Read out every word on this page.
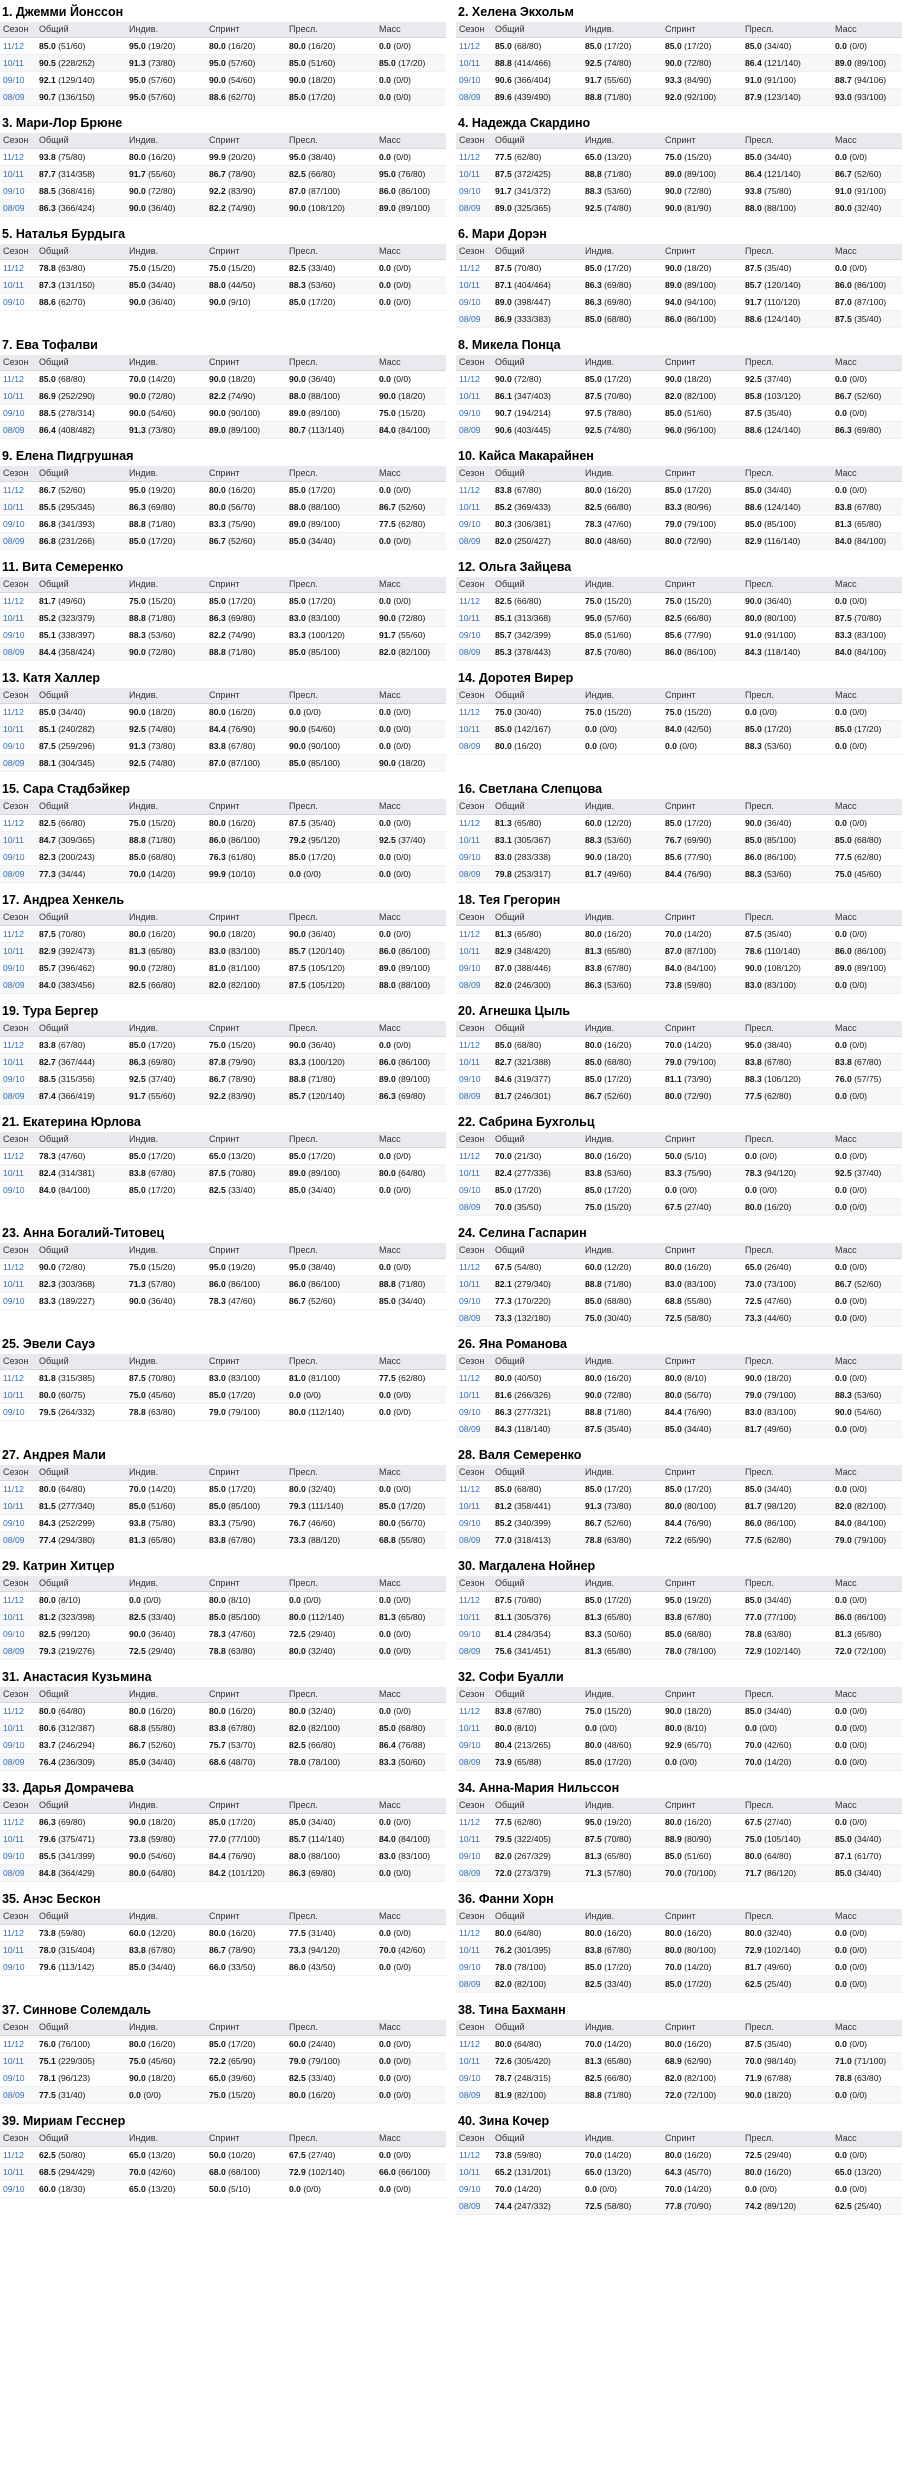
1. Джемми Йонссон
Сезон	Общий	Индив.	Спринт	Пресл.	Масс
11/12	85.0 (51/60)	95.0 (19/20)	80.0 (16/20)	80.0 (16/20)	0.0 (0/0)
10/11	90.5 (228/252)	91.3 (73/80)	95.0 (57/60)	85.0 (51/60)	85.0 (17/20)
09/10	92.1 (129/140)	95.0 (57/60)	90.0 (54/60)	90.0 (18/20)	0.0 (0/0)
08/09	90.7 (136/150)	95.0 (57/60)	88.6 (62/70)	85.0 (17/20)	0.0 (0/0)
2. Хелена Экхольм
Сезон	Общий	Индив.	Спринт	Пресл.	Масс
11/12	85.0 (68/80)	85.0 (17/20)	85.0 (17/20)	85.0 (34/40)	0.0 (0/0)
10/11	88.8 (414/466)	92.5 (74/80)	90.0 (72/80)	86.4 (121/140)	89.0 (89/100)
09/10	90.6 (366/404)	91.7 (55/60)	93.3 (84/90)	91.0 (91/100)	88.7 (94/106)
08/09	89.6 (439/490)	88.8 (71/80)	92.0 (92/100)	87.9 (123/140)	93.0 (93/100)
3. Мари-Лор Брюне
Сезон	Общий	Индив.	Спринт	Пресл.	Масс
11/12	93.8 (75/80)	80.0 (16/20)	99.9 (20/20)	95.0 (38/40)	0.0 (0/0)
10/11	87.7 (314/358)	91.7 (55/60)	86.7 (78/90)	82.5 (66/80)	95.0 (76/80)
09/10	88.5 (368/416)	90.0 (72/80)	92.2 (83/90)	87.0 (87/100)	86.0 (86/100)
08/09	86.3 (366/424)	90.0 (36/40)	82.2 (74/90)	90.0 (108/120)	89.0 (89/100)
4. Надежда Скардино
Сезон	Общий	Индив.	Спринт	Пресл.	Масс
11/12	77.5 (62/80)	65.0 (13/20)	75.0 (15/20)	85.0 (34/40)	0.0 (0/0)
10/11	87.5 (372/425)	88.8 (71/80)	89.0 (89/100)	86.4 (121/140)	86.7 (52/60)
09/10	91.7 (341/372)	88.3 (53/60)	90.0 (72/80)	93.8 (75/80)	91.0 (91/100)
08/09	89.0 (325/365)	92.5 (74/80)	90.0 (81/90)	88.0 (88/100)	80.0 (32/40)
5. Наталья Бурдыга
Сезон	Общий	Индив.	Спринт	Пресл.	Масс
11/12	78.8 (63/80)	75.0 (15/20)	75.0 (15/20)	82.5 (33/40)	0.0 (0/0)
10/11	87.3 (131/150)	85.0 (34/40)	88.0 (44/50)	88.3 (53/60)	0.0 (0/0)
09/10	88.6 (62/70)	90.0 (36/40)	90.0 (9/10)	85.0 (17/20)	0.0 (0/0)
6. Мари Дорэн
Сезон	Общий	Индив.	Спринт	Пресл.	Масс
11/12	87.5 (70/80)	85.0 (17/20)	90.0 (18/20)	87.5 (35/40)	0.0 (0/0)
10/11	87.1 (404/464)	86.3 (69/80)	89.0 (89/100)	85.7 (120/140)	86.0 (86/100)
09/10	89.0 (398/447)	86.3 (69/80)	94.0 (94/100)	91.7 (110/120)	87.0 (87/100)
08/09	86.9 (333/383)	85.0 (68/80)	86.0 (86/100)	88.6 (124/140)	87.5 (35/40)
7. Ева Тофалви
Сезон	Общий	Индив.	Спринт	Пресл.	Масс
11/12	85.0 (68/80)	70.0 (14/20)	90.0 (18/20)	90.0 (36/40)	0.0 (0/0)
10/11	86.9 (252/290)	90.0 (72/80)	82.2 (74/90)	88.0 (88/100)	90.0 (18/20)
09/10	88.5 (278/314)	90.0 (54/60)	90.0 (90/100)	89.0 (89/100)	75.0 (15/20)
08/09	86.4 (408/482)	91.3 (73/80)	89.0 (89/100)	80.7 (113/140)	84.0 (84/100)
8. Микела Понца
Сезон	Общий	Индив.	Спринт	Пресл.	Масс
11/12	90.0 (72/80)	85.0 (17/20)	90.0 (18/20)	92.5 (37/40)	0.0 (0/0)
10/11	86.1 (347/403)	87.5 (70/80)	82.0 (82/100)	85.8 (103/120)	86.7 (52/60)
09/10	90.7 (194/214)	97.5 (78/80)	85.0 (51/60)	87.5 (35/40)	0.0 (0/0)
08/09	90.6 (403/445)	92.5 (74/80)	96.0 (96/100)	88.6 (124/140)	86.3 (69/80)
9. Елена Пидгрушная
Сезон	Общий	Индив.	Спринт	Пресл.	Масс
11/12	86.7 (52/60)	95.0 (19/20)	80.0 (16/20)	85.0 (17/20)	0.0 (0/0)
10/11	85.5 (295/345)	86.3 (69/80)	80.0 (56/70)	88.0 (88/100)	86.7 (52/60)
09/10	86.8 (341/393)	88.8 (71/80)	83.3 (75/90)	89.0 (89/100)	77.5 (62/80)
08/09	86.8 (231/266)	85.0 (17/20)	86.7 (52/60)	85.0 (34/40)	0.0 (0/0)
10. Кайса Макарайнен
Сезон	Общий	Индив.	Спринт	Пресл.	Масс
11/12	83.8 (67/80)	80.0 (16/20)	85.0 (17/20)	85.0 (34/40)	0.0 (0/0)
10/11	85.2 (369/433)	82.5 (66/80)	83.3 (80/96)	88.6 (124/140)	83.8 (67/80)
09/10	80.3 (306/381)	78.3 (47/60)	79.0 (79/100)	85.0 (85/100)	81.3 (65/80)
08/09	82.0 (250/427)	80.0 (48/60)	80.0 (72/90)	82.9 (116/140)	84.0 (84/100)
11. Вита Семеренко
Сезон	Общий	Индив.	Спринт	Пресл.	Масс
11/12	81.7 (49/60)	75.0 (15/20)	85.0 (17/20)	85.0 (17/20)	0.0 (0/0)
10/11	85.2 (323/379)	88.8 (71/80)	86.3 (69/80)	83.0 (83/100)	90.0 (72/80)
09/10	85.1 (338/397)	88.3 (53/60)	82.2 (74/90)	83.3 (100/120)	91.7 (55/60)
08/09	84.4 (358/424)	90.0 (72/80)	88.8 (71/80)	85.0 (85/100)	82.0 (82/100)
12. Ольга Зайцева
Сезон	Общий	Индив.	Спринт	Пресл.	Масс
11/12	82.5 (66/80)	75.0 (15/20)	75.0 (15/20)	90.0 (36/40)	0.0 (0/0)
10/11	85.1 (313/368)	95.0 (57/60)	82.5 (66/80)	80.0 (80/100)	87.5 (70/80)
09/10	85.7 (342/399)	85.0 (51/60)	85.6 (77/90)	91.0 (91/100)	83.3 (83/100)
08/09	85.3 (378/443)	87.5 (70/80)	86.0 (86/100)	84.3 (118/140)	84.0 (84/100)
13. Катя Халлер
Сезон	Общий	Индив.	Спринт	Пресл.	Масс
11/12	85.0 (34/40)	90.0 (18/20)	80.0 (16/20)	0.0 (0/0)	0.0 (0/0)
10/11	85.1 (240/282)	92.5 (74/80)	84.4 (76/90)	90.0 (54/60)	0.0 (0/0)
09/10	87.5 (259/296)	91.3 (73/80)	83.8 (67/80)	90.0 (90/100)	0.0 (0/0)
08/09	88.1 (304/345)	92.5 (74/80)	87.0 (87/100)	85.0 (85/100)	90.0 (18/20)
14. Доротея Вирер
Сезон	Общий	Индив.	Спринт	Пресл.	Масс
11/12	75.0 (30/40)	75.0 (15/20)	75.0 (15/20)	0.0 (0/0)	0.0 (0/0)
10/11	85.0 (142/167)	0.0 (0/0)	84.0 (42/50)	85.0 (17/20)	85.0 (17/20)
08/09	80.0 (16/20)	0.0 (0/0)	0.0 (0/0)	88.3 (53/60)	0.0 (0/0)
15. Сара Стадбэйкер
Сезон	Общий	Индив.	Спринт	Пресл.	Масс
11/12	82.5 (66/80)	75.0 (15/20)	80.0 (16/20)	87.5 (35/40)	0.0 (0/0)
10/11	84.7 (309/365)	88.8 (71/80)	86.0 (86/100)	79.2 (95/120)	92.5 (37/40)
09/10	82.3 (200/243)	85.0 (68/80)	76.3 (61/80)	85.0 (17/20)	0.0 (0/0)
08/09	77.3 (34/44)	70.0 (14/20)	99.9 (10/10)	0.0 (0/0)	0.0 (0/0)
16. Светлана Слепцова
Сезон	Общий	Индив.	Спринт	Пресл.	Масс
11/12	81.3 (65/80)	60.0 (12/20)	85.0 (17/20)	90.0 (36/40)	0.0 (0/0)
10/11	83.1 (305/367)	88.3 (53/60)	76.7 (69/90)	85.0 (85/100)	85.0 (68/80)
09/10	83.0 (283/338)	90.0 (18/20)	85.6 (77/90)	86.0 (86/100)	77.5 (62/80)
08/09	79.8 (253/317)	81.7 (49/60)	84.4 (76/90)	88.3 (53/60)	75.0 (45/60)
17. Андреа Хенкель
Сезон	Общий	Индив.	Спринт	Пресл.	Масс
11/12	87.5 (70/80)	80.0 (16/20)	90.0 (18/20)	90.0 (36/40)	0.0 (0/0)
10/11	82.9 (392/473)	81.3 (65/80)	83.0 (83/100)	85.7 (120/140)	86.0 (86/100)
09/10	85.7 (396/462)	90.0 (72/80)	81.0 (81/100)	87.5 (105/120)	89.0 (89/100)
08/09	84.0 (383/456)	82.5 (66/80)	82.0 (82/100)	87.5 (105/120)	88.0 (88/100)
18. Тея Грегорин
Сезон	Общий	Индив.	Спринт	Пресл.	Масс
11/12	81.3 (65/80)	80.0 (16/20)	70.0 (14/20)	87.5 (35/40)	0.0 (0/0)
10/11	82.9 (348/420)	81.3 (65/80)	87.0 (87/100)	78.6 (110/140)	86.0 (86/100)
09/10	87.0 (388/446)	83.8 (67/80)	84.0 (84/100)	90.0 (108/120)	89.0 (89/100)
08/09	82.0 (246/300)	86.3 (53/60)	73.8 (59/80)	83.0 (83/100)	0.0 (0/0)
19. Тура Бергер
Сезон	Общий	Индив.	Спринт	Пресл.	Масс
11/12	83.8 (67/80)	85.0 (17/20)	75.0 (15/20)	90.0 (36/40)	0.0 (0/0)
10/11	82.7 (367/444)	86.3 (69/80)	87.8 (79/90)	83.3 (100/120)	86.0 (86/100)
09/10	88.5 (315/356)	92.5 (37/40)	86.7 (78/90)	88.8 (71/80)	89.0 (89/100)
08/09	87.4 (366/419)	91.7 (55/60)	92.2 (83/90)	85.7 (120/140)	86.3 (69/80)
20. Агнешка Цыль
Сезон	Общий	Индив.	Спринт	Пресл.	Масс
11/12	85.0 (68/80)	80.0 (16/20)	70.0 (14/20)	95.0 (38/40)	0.0 (0/0)
10/11	82.7 (321/388)	85.0 (68/80)	79.0 (79/100)	83.8 (67/80)	83.8 (67/80)
09/10	84.6 (319/377)	85.0 (17/20)	81.1 (73/90)	88.3 (106/120)	76.0 (57/75)
08/09	81.7 (246/301)	86.7 (52/60)	80.0 (72/90)	77.5 (62/80)	0.0 (0/0)
21. Екатерина Юрлова
Сезон	Общий	Индив.	Спринт	Пресл.	Масс
11/12	78.3 (47/60)	85.0 (17/20)	65.0 (13/20)	85.0 (17/20)	0.0 (0/0)
10/11	82.4 (314/381)	83.8 (67/80)	87.5 (70/80)	89.0 (89/100)	80.0 (64/80)
09/10	84.0 (84/100)	85.0 (17/20)	82.5 (33/40)	85.0 (34/40)	0.0 (0/0)
22. Сабрина Бухгольц
Сезон	Общий	Индив.	Спринт	Пресл.	Масс
11/12	70.0 (21/30)	80.0 (16/20)	50.0 (5/10)	0.0 (0/0)	0.0 (0/0)
10/11	82.4 (277/336)	83.8 (53/60)	83.3 (75/90)	78.3 (94/120)	92.5 (37/40)
09/10	85.0 (17/20)	85.0 (17/20)	0.0 (0/0)	0.0 (0/0)	0.0 (0/0)
08/09	70.0 (35/50)	75.0 (15/20)	67.5 (27/40)	80.0 (16/20)	0.0 (0/0)
23. Анна Богалий-Титовец
Сезон	Общий	Индив.	Спринт	Пресл.	Масс
11/12	90.0 (72/80)	75.0 (15/20)	95.0 (19/20)	95.0 (38/40)	0.0 (0/0)
10/11	82.3 (303/368)	71.3 (57/80)	86.0 (86/100)	86.0 (86/100)	88.8 (71/80)
09/10	83.3 (189/227)	90.0 (36/40)	78.3 (47/60)	86.7 (52/60)	85.0 (34/40)
24. Селина Гаспарин
Сезон	Общий	Индив.	Спринт	Пресл.	Масс
11/12	67.5 (54/80)	60.0 (12/20)	80.0 (16/20)	65.0 (26/40)	0.0 (0/0)
10/11	82.1 (279/340)	88.8 (71/80)	83.0 (83/100)	73.0 (73/100)	86.7 (52/60)
09/10	77.3 (170/220)	85.0 (68/80)	68.8 (55/80)	72.5 (47/60)	0.0 (0/0)
08/09	73.3 (132/180)	75.0 (30/40)	72.5 (58/80)	73.3 (44/60)	0.0 (0/0)
25. Эвели Сауэ
Сезон	Общий	Индив.	Спринт	Пресл.	Масс
11/12	81.8 (315/385)	87.5 (70/80)	83.0 (83/100)	81.0 (81/100)	77.5 (62/80)
10/11	80.0 (60/75)	75.0 (45/60)	85.0 (17/20)	0.0 (0/0)	0.0 (0/0)
09/10	79.5 (264/332)	78.8 (63/80)	79.0 (79/100)	80.0 (112/140)	0.0 (0/0)
26. Яна Романова
Сезон	Общий	Индив.	Спринт	Пресл.	Масс
11/12	80.0 (40/50)	80.0 (16/20)	80.0 (8/10)	90.0 (18/20)	0.0 (0/0)
10/11	81.6 (266/326)	90.0 (72/80)	80.0 (56/70)	79.0 (79/100)	88.3 (53/60)
09/10	86.3 (277/321)	88.8 (71/80)	84.4 (76/90)	83.0 (83/100)	90.0 (54/60)
08/09	84.3 (118/140)	87.5 (35/40)	85.0 (34/40)	81.7 (49/60)	0.0 (0/0)
27. Андрея Мали
Сезон	Общий	Индив.	Спринт	Пресл.	Масс
11/12	80.0 (64/80)	70.0 (14/20)	85.0 (17/20)	80.0 (32/40)	0.0 (0/0)
10/11	81.5 (277/340)	85.0 (51/60)	85.0 (85/100)	79.3 (111/140)	85.0 (17/20)
09/10	84.3 (252/299)	93.8 (75/80)	83.3 (75/90)	76.7 (46/60)	80.0 (56/70)
08/09	77.4 (294/380)	81.3 (65/80)	83.8 (67/80)	73.3 (88/120)	68.8 (55/80)
28. Валя Семеренко
Сезон	Общий	Индив.	Спринт	Пресл.	Масс
11/12	85.0 (68/80)	85.0 (17/20)	85.0 (17/20)	85.0 (34/40)	0.0 (0/0)
10/11	81.2 (358/441)	91.3 (73/80)	80.0 (80/100)	81.7 (98/120)	82.0 (82/100)
09/10	85.2 (340/399)	86.7 (52/60)	84.4 (76/90)	86.0 (86/100)	84.0 (84/100)
08/09	77.0 (318/413)	78.8 (63/80)	72.2 (65/90)	77.5 (62/80)	79.0 (79/100)
29. Катрин Хитцер
Сезон	Общий	Индив.	Спринт	Пресл.	Масс
11/12	80.0 (8/10)	0.0 (0/0)	80.0 (8/10)	0.0 (0/0)	0.0 (0/0)
10/11	81.2 (323/398)	82.5 (33/40)	85.0 (85/100)	80.0 (112/140)	81.3 (65/80)
09/10	82.5 (99/120)	90.0 (36/40)	78.3 (47/60)	72.5 (29/40)	0.0 (0/0)
08/09	79.3 (219/276)	72.5 (29/40)	78.8 (63/80)	80.0 (32/40)	0.0 (0/0)
30. Магдалена Нойнер
Сезон	Общий	Индив.	Спринт	Пресл.	Масс
11/12	87.5 (70/80)	85.0 (17/20)	95.0 (19/20)	85.0 (34/40)	0.0 (0/0)
10/11	81.1 (305/376)	81.3 (65/80)	83.8 (67/80)	77.0 (77/100)	86.0 (86/100)
09/10	81.4 (284/354)	83.3 (50/60)	85.0 (68/80)	78.8 (63/80)	81.3 (65/80)
08/09	75.6 (341/451)	81.3 (65/80)	78.0 (78/100)	72.9 (102/140)	72.0 (72/100)
31. Анастасия Кузьмина
Сезон	Общий	Индив.	Спринт	Пресл.	Масс
11/12	80.0 (64/80)	80.0 (16/20)	80.0 (16/20)	80.0 (32/40)	0.0 (0/0)
10/11	80.6 (312/387)	68.8 (55/80)	83.8 (67/80)	82.0 (82/100)	85.0 (68/80)
09/10	83.7 (246/294)	86.7 (52/60)	75.7 (53/70)	82.5 (66/80)	86.4 (76/88)
08/09	76.4 (236/309)	85.0 (34/40)	68.6 (48/70)	78.0 (78/100)	83.3 (50/60)
32. Софи Буалли
Сезон	Общий	Индив.	Спринт	Пресл.	Масс
11/12	83.8 (67/80)	75.0 (15/20)	90.0 (18/20)	85.0 (34/40)	0.0 (0/0)
10/11	80.0 (8/10)	0.0 (0/0)	80.0 (8/10)	0.0 (0/0)	0.0 (0/0)
09/10	80.4 (213/265)	80.0 (48/60)	92.9 (65/70)	70.0 (42/60)	0.0 (0/0)
08/09	73.9 (65/88)	85.0 (17/20)	0.0 (0/0)	70.0 (14/20)	0.0 (0/0)
33. Дарья Домрачева
Сезон	Общий	Индив.	Спринт	Пресл.	Масс
11/12	86.3 (69/80)	90.0 (18/20)	85.0 (17/20)	85.0 (34/40)	0.0 (0/0)
10/11	79.6 (375/471)	73.8 (59/80)	77.0 (77/100)	85.7 (114/140)	84.0 (84/100)
09/10	85.5 (341/399)	90.0 (54/60)	84.4 (76/90)	88.0 (88/100)	83.0 (83/100)
08/09	84.8 (364/429)	80.0 (64/80)	84.2 (101/120)	86.3 (69/80)	0.0 (0/0)
34. Анна-Мария Нильссон
Сезон	Общий	Индив.	Спринт	Пресл.	Масс
11/12	77.5 (62/80)	95.0 (19/20)	80.0 (16/20)	67.5 (27/40)	0.0 (0/0)
10/11	79.5 (322/405)	87.5 (70/80)	88.9 (80/90)	75.0 (105/140)	85.0 (34/40)
09/10	82.0 (267/329)	81.3 (65/80)	85.0 (51/60)	80.0 (64/80)	87.1 (61/70)
08/09	72.0 (273/379)	71.3 (57/80)	70.0 (70/100)	71.7 (86/120)	85.0 (34/40)
35. Анэс Бескон
Сезон	Общий	Индив.	Спринт	Пресл.	Масс
11/12	73.8 (59/80)	60.0 (12/20)	80.0 (16/20)	77.5 (31/40)	0.0 (0/0)
10/11	78.0 (315/404)	83.8 (67/80)	86.7 (78/90)	73.3 (94/120)	70.0 (42/60)
09/10	79.6 (113/142)	85.0 (34/40)	66.0 (33/50)	86.0 (43/50)	0.0 (0/0)
36. Фанни Хорн
Сезон	Общий	Индив.	Спринт	Пресл.	Масс
11/12	80.0 (64/80)	80.0 (16/20)	80.0 (16/20)	80.0 (32/40)	0.0 (0/0)
10/11	76.2 (301/395)	83.8 (67/80)	80.0 (80/100)	72.9 (102/140)	0.0 (0/0)
09/10	78.0 (78/100)	85.0 (17/20)	70.0 (14/20)	81.7 (49/60)	0.0 (0/0)
08/09	82.0 (82/100)	82.5 (33/40)	85.0 (17/20)	62.5 (25/40)	0.0 (0/0)
37. Синнове Солемдаль
Сезон	Общий	Индив.	Спринт	Пресл.	Масс
11/12	76.0 (76/100)	80.0 (16/20)	85.0 (17/20)	60.0 (24/40)	0.0 (0/0)
10/11	75.1 (229/305)	75.0 (45/60)	72.2 (65/90)	79.0 (79/100)	0.0 (0/0)
09/10	78.1 (96/123)	90.0 (18/20)	65.0 (39/60)	82.5 (33/40)	0.0 (0/0)
08/09	77.5 (31/40)	0.0 (0/0)	75.0 (15/20)	80.0 (16/20)	0.0 (0/0)
38. Тина Бахманн
Сезон	Общий	Индив.	Спринт	Пресл.	Масс
11/12	80.0 (64/80)	70.0 (14/20)	80.0 (16/20)	87.5 (35/40)	0.0 (0/0)
10/11	72.6 (305/420)	81.3 (65/80)	68.9 (62/90)	70.0 (98/140)	71.0 (71/100)
09/10	78.7 (248/315)	82.5 (66/80)	82.0 (82/100)	71.9 (67/88)	78.8 (63/80)
08/09	81.9 (82/100)	88.8 (71/80)	72.0 (72/100)	90.0 (18/20)	0.0 (0/0)
39. Мириам Гесснер
Сезон	Общий	Индив.	Спринт	Пресл.	Масс
11/12	62.5 (50/80)	65.0 (13/20)	50.0 (10/20)	67.5 (27/40)	0.0 (0/0)
10/11	68.5 (294/429)	70.0 (42/60)	68.0 (68/100)	72.9 (102/140)	66.0 (66/100)
09/10	60.0 (18/30)	65.0 (13/20)	50.0 (5/10)	0.0 (0/0)	0.0 (0/0)
40. Зина Кочер
Сезон	Общий	Индив.	Спринт	Пресл.	Масс
11/12	73.8 (59/80)	70.0 (14/20)	80.0 (16/20)	72.5 (29/40)	0.0 (0/0)
10/11	65.2 (131/201)	65.0 (13/20)	64.3 (45/70)	80.0 (16/20)	65.0 (13/20)
09/10	70.0 (14/20)	0.0 (0/0)	70.0 (14/20)	0.0 (0/0)	0.0 (0/0)
08/09	74.4 (247/332)	72.5 (58/80)	77.8 (70/90)	74.2 (89/120)	62.5 (25/40)
